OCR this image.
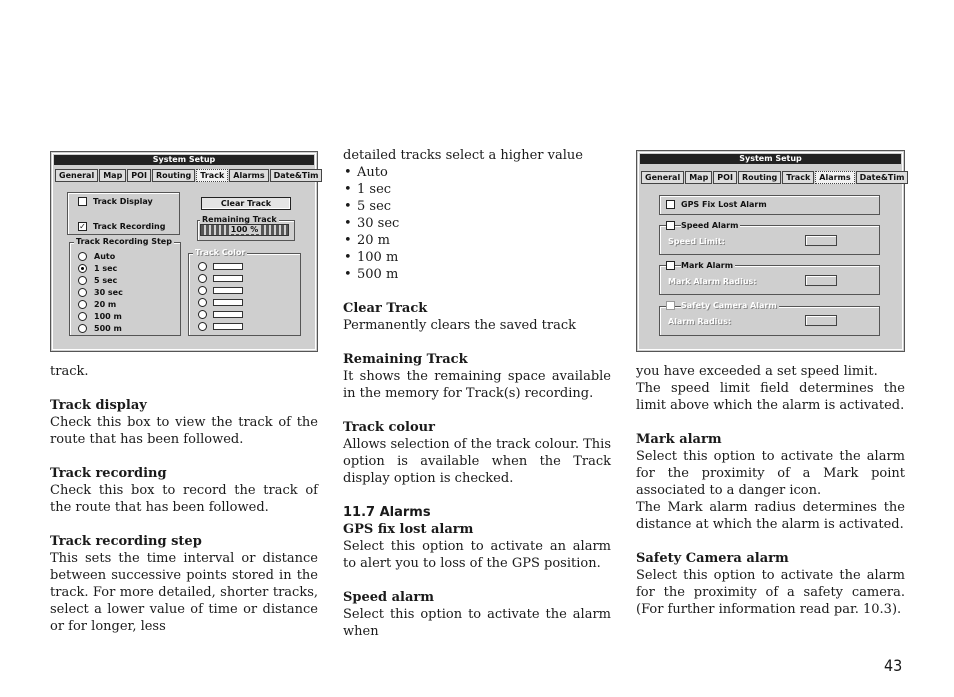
System Setup
General	Map	POI	Routing	Track	Alarms	Date&Tim
Track Display
✓ Track Recording
Clear Track
Remaining Track
100 %
Track Recording Step
Auto
1 sec
5 sec
30 sec
20 m
100 m
500 m
Track Color
System Setup
General	Map	POI	Routing	Track	Alarms	Date&Tim
GPS Fix Lost Alarm
Speed Alarm
Speed Limit:
Mark Alarm
Mark Alarm Radius:
Safety Camera Alarm
Alarm Radius:

track.

Track display

Check this box to view the track of the route that has been followed.

Track recording

Check this box to record the track of the route that has been followed.

Track recording step

This sets the time interval or distance between successive points stored in the track. For more detailed, shorter tracks, select a lower value of time or distance or for longer, less

detailed tracks select a higher value

• Auto
• 1 sec
• 5 sec
• 30 sec
• 20 m
• 100 m
• 500 m

Clear Track

Permanently clears the saved track

Remaining Track

It shows the remaining space available in the memory for Track(s) recording.

Track colour

Allows selection of the track colour. This option is available when the Track display option is checked.

11.7 Alarms

GPS fix lost alarm

Select this option to activate an alarm to alert you to loss of the GPS position.

Speed alarm

Select this option to activate the alarm when

you have exceeded a set speed limit.

The speed limit field determines the limit above which the alarm is activated.

Mark alarm

Select this option to activate the alarm for the proximity of a Mark point associated to a danger icon.

The Mark alarm radius determines the distance at which the alarm is activated.

Safety Camera alarm

Select this option to activate the alarm for the proximity of a safety camera. (For further information read par. 10.3).

43
